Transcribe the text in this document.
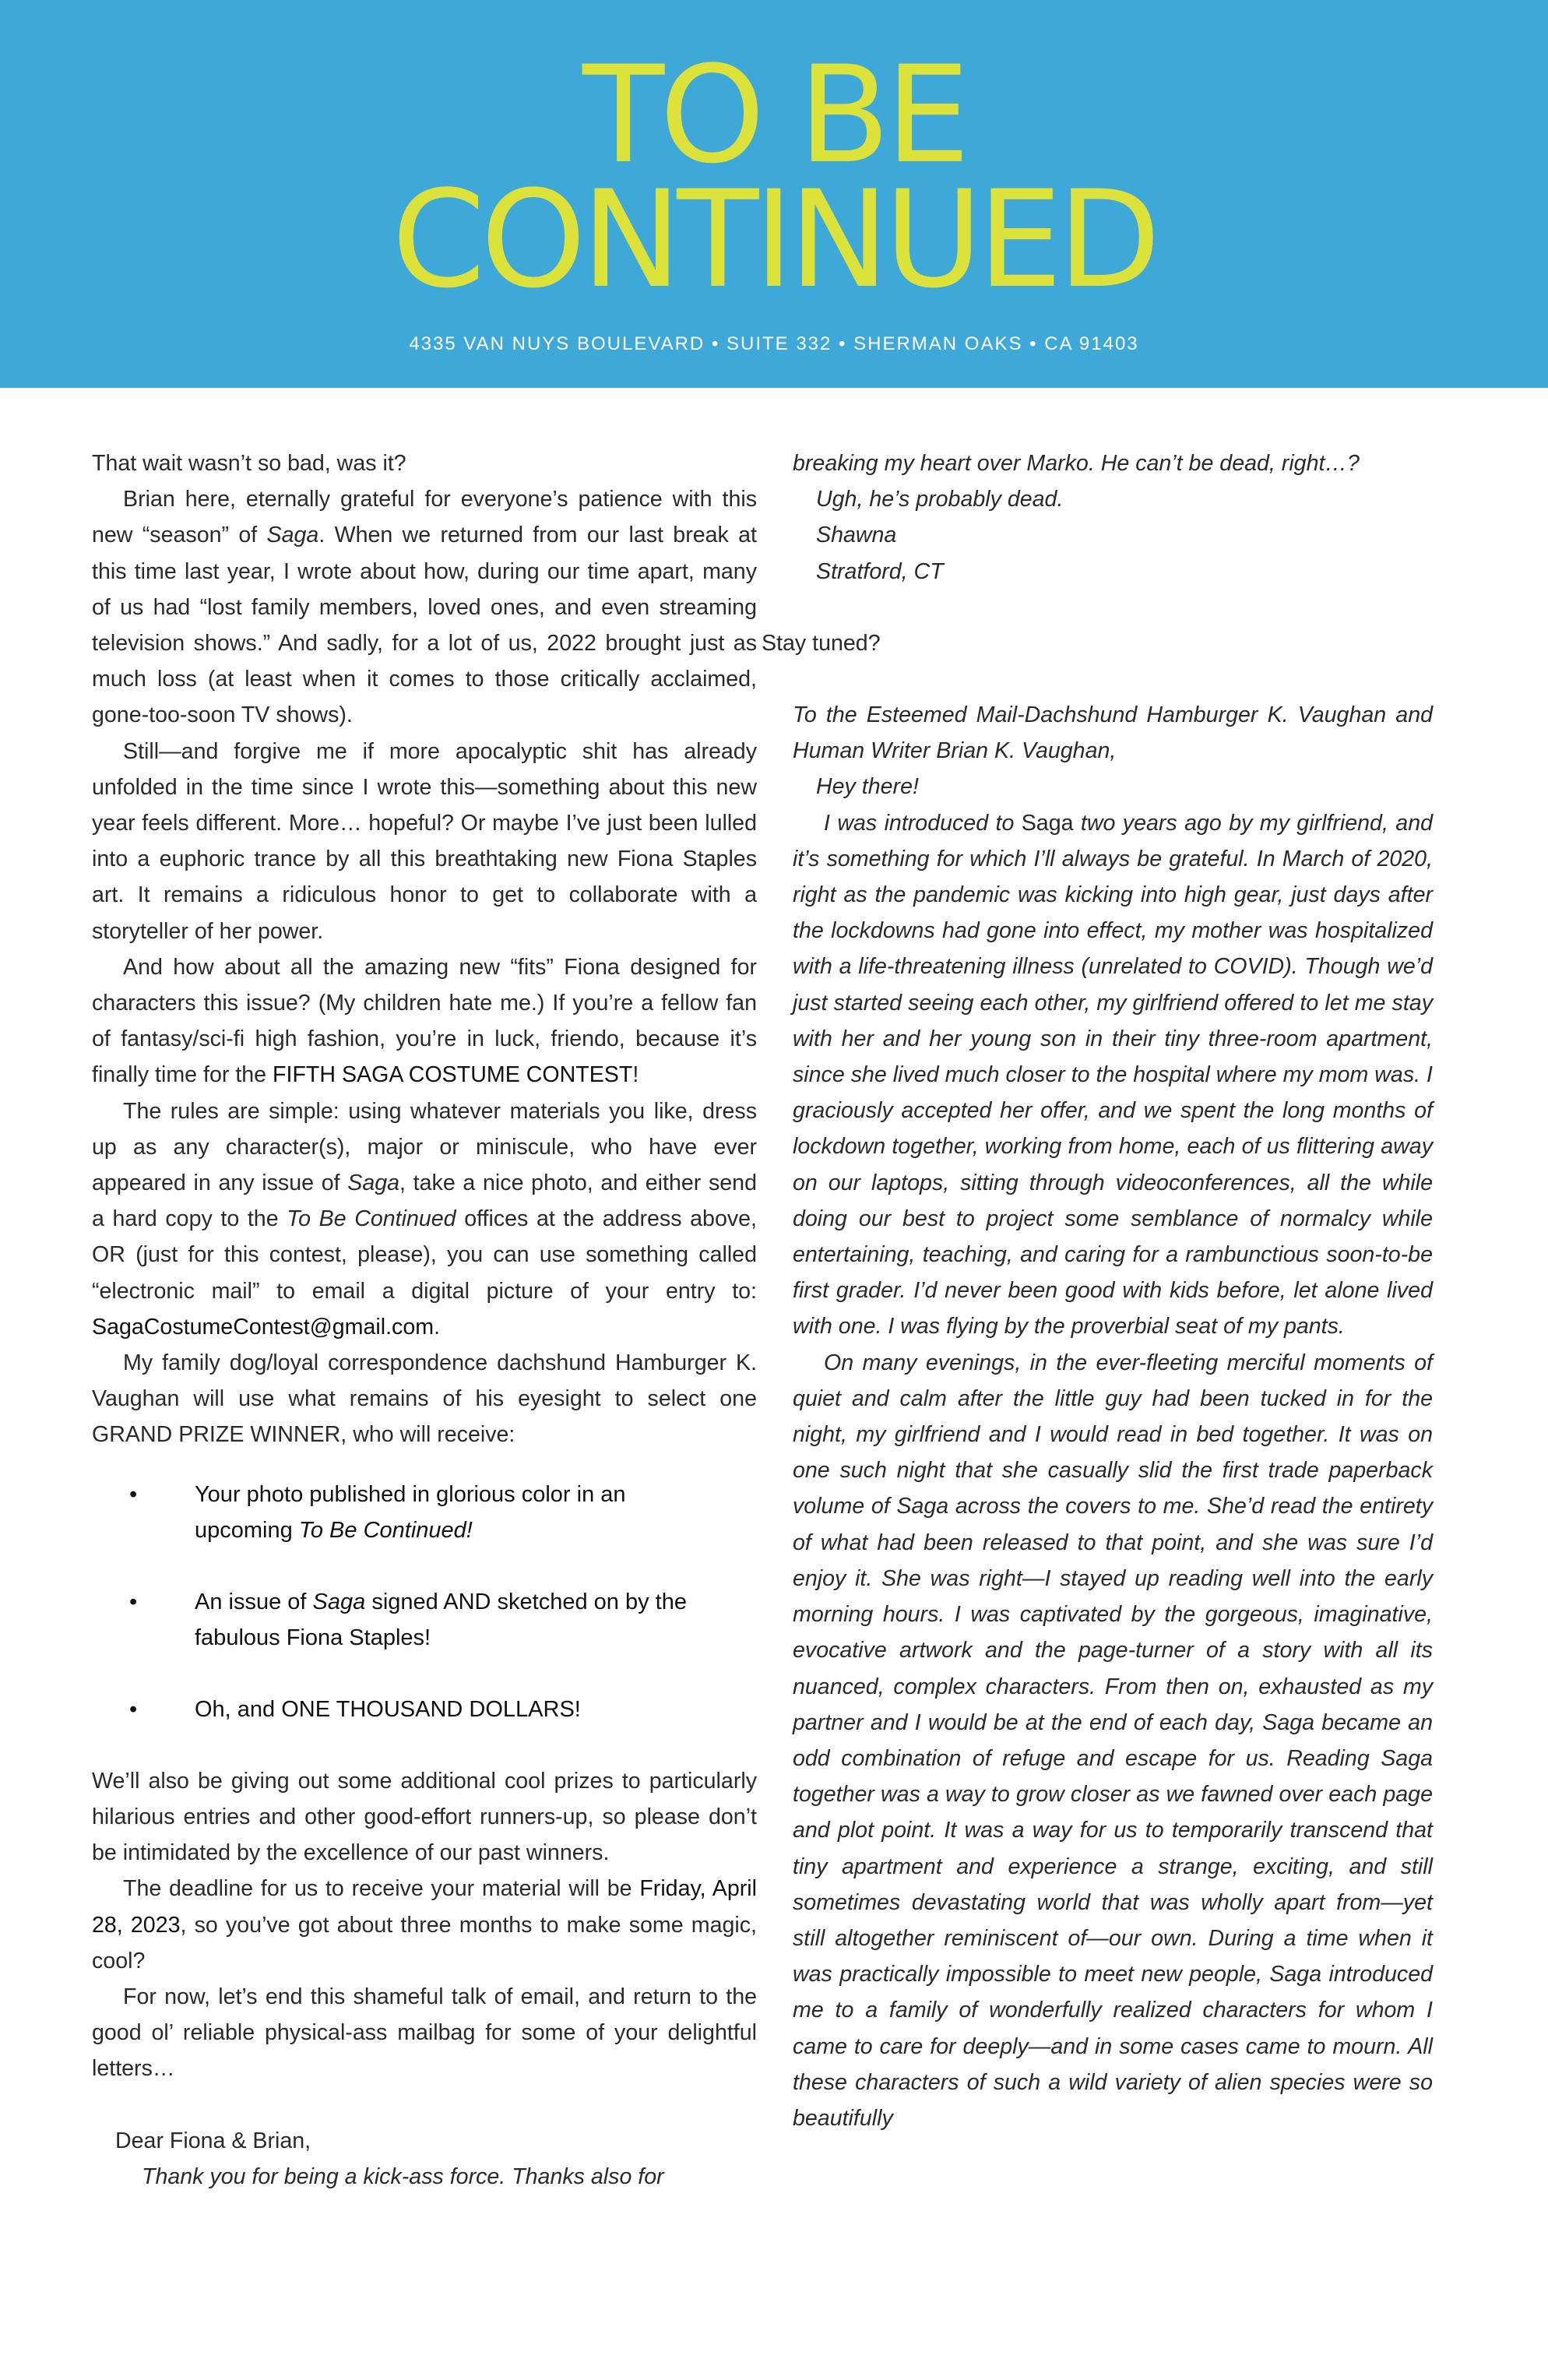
TO BE
CONTINUED
4335 VAN NUYS BOULEVARD • SUITE 332 • SHERMAN OAKS • CA 91403

That wait wasn’t so bad, was it?

Brian here, eternally grateful for everyone’s patience with this new “season” of Saga. When we returned from our last break at this time last year, I wrote about how, during our time apart, many of us had “lost family members, loved ones, and even streaming television shows.” And sadly, for a lot of us, 2022 brought just as much loss (at least when it comes to those critically acclaimed, gone-too-soon TV shows).

Still—and forgive me if more apocalyptic shit has already unfolded in the time since I wrote this—something about this new year feels different. More… hopeful? Or maybe I’ve just been lulled into a euphoric trance by all this breathtaking new Fiona Staples art. It remains a ridiculous honor to get to collaborate with a storyteller of her power.

And how about all the amazing new “fits” Fiona designed for characters this issue? (My children hate me.) If you’re a fellow fan of fantasy/sci-fi high fashion, you’re in luck, friendo, because it’s finally time for the FIFTH SAGA COSTUME CONTEST!

The rules are simple: using whatever materials you like, dress up as any character(s), major or miniscule, who have ever appeared in any issue of Saga, take a nice photo, and either send a hard copy to the To Be Continued offices at the address above, OR (just for this contest, please), you can use something called “electronic mail” to email a digital picture of your entry to: SagaCostumeContest@gmail.com.

My family dog/loyal correspondence dachshund Hamburger K. Vaughan will use what remains of his eyesight to select one GRAND PRIZE WINNER, who will receive:

•	Your photo published in glorious color in an upcoming To Be Continued!
•	An issue of Saga signed AND sketched on by the fabulous Fiona Staples!
•	Oh, and ONE THOUSAND DOLLARS!

We’ll also be giving out some additional cool prizes to particularly hilarious entries and other good-effort runners-up, so please don’t be intimidated by the excellence of our past winners.

The deadline for us to receive your material will be Friday, April 28, 2023, so you’ve got about three months to make some magic, cool?

For now, let’s end this shameful talk of email, and return to the good ol’ reliable physical-ass mailbag for some of your delightful letters…

Dear Fiona & Brian,

Thank you for being a kick-ass force. Thanks also for

breaking my heart over Marko. He can’t be dead, right…?

Ugh, he’s probably dead.

Shawna

Stratford, CT

Stay tuned?

To the Esteemed Mail-Dachshund Hamburger K. Vaughan and Human Writer Brian K. Vaughan,

Hey there!

I was introduced to Saga two years ago by my girlfriend, and it’s something for which I’ll always be grateful. In March of 2020, right as the pandemic was kicking into high gear, just days after the lockdowns had gone into effect, my mother was hospitalized with a life-threatening illness (unrelated to COVID). Though we’d just started seeing each other, my girlfriend offered to let me stay with her and her young son in their tiny three-room apartment, since she lived much closer to the hospital where my mom was. I graciously accepted her offer, and we spent the long months of lockdown together, working from home, each of us flittering away on our laptops, sitting through videoconferences, all the while doing our best to project some semblance of normalcy while entertaining, teaching, and caring for a rambunctious soon-to-be first grader. I’d never been good with kids before, let alone lived with one. I was flying by the proverbial seat of my pants.

On many evenings, in the ever-fleeting merciful moments of quiet and calm after the little guy had been tucked in for the night, my girlfriend and I would read in bed together. It was on one such night that she casually slid the first trade paperback volume of Saga across the covers to me. She’d read the entirety of what had been released to that point, and she was sure I’d enjoy it. She was right—I stayed up reading well into the early morning hours. I was captivated by the gorgeous, imaginative, evocative artwork and the page-turner of a story with all its nuanced, complex characters. From then on, exhausted as my partner and I would be at the end of each day, Saga became an odd combination of refuge and escape for us. Reading Saga together was a way to grow closer as we fawned over each page and plot point. It was a way for us to temporarily transcend that tiny apartment and experience a strange, exciting, and still sometimes devastating world that was wholly apart from—yet still altogether reminiscent of—our own. During a time when it was practically impossible to meet new people, Saga introduced me to a family of wonderfully realized characters for whom I came to care for deeply—and in some cases came to mourn. All these characters of such a wild variety of alien species were so beautifully
